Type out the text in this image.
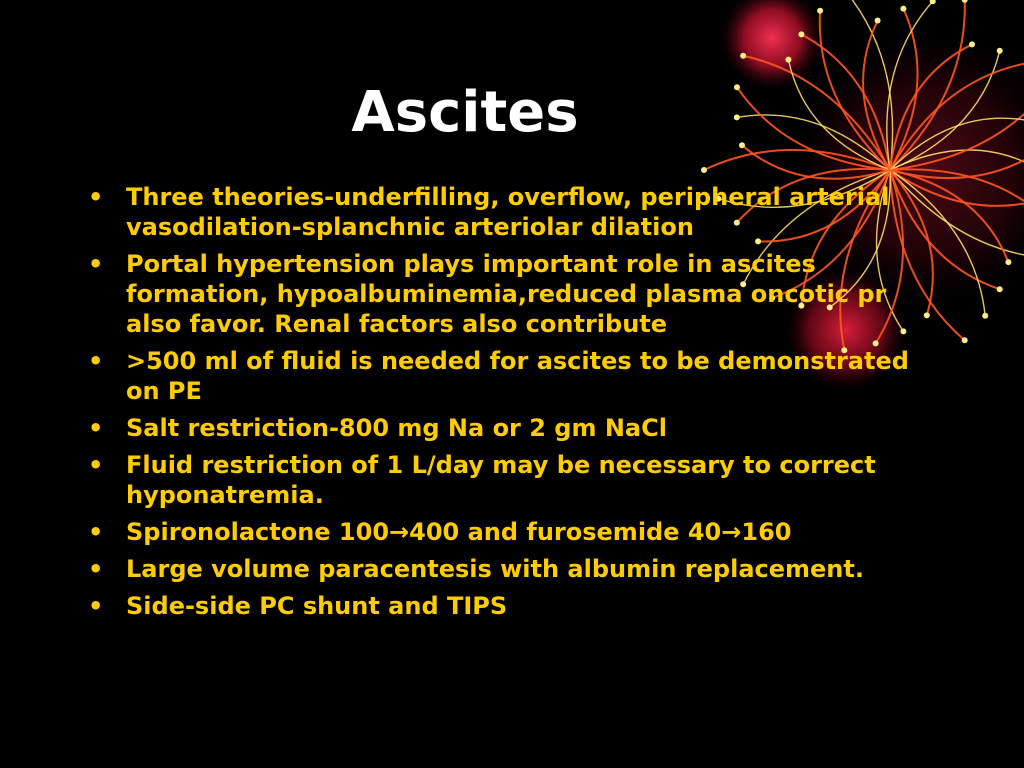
Ascites
• Three theories-underfilling, overflow, peripheral arterial vasodilation-splanchnic arteriolar dilation
• Portal hypertension plays important role in ascites formation, hypoalbuminemia,reduced plasma oncotic pr also favor. Renal factors also contribute
• >500 ml of fluid is needed for ascites to be demonstrated on PE
• Salt restriction-800 mg Na or 2 gm NaCl
• Fluid restriction of 1 L/day may be necessary to correct hyponatremia.
• Spironolactone 100→400 and furosemide 40→160
• Large volume paracentesis with albumin replacement.
• Side-side PC shunt and TIPS
